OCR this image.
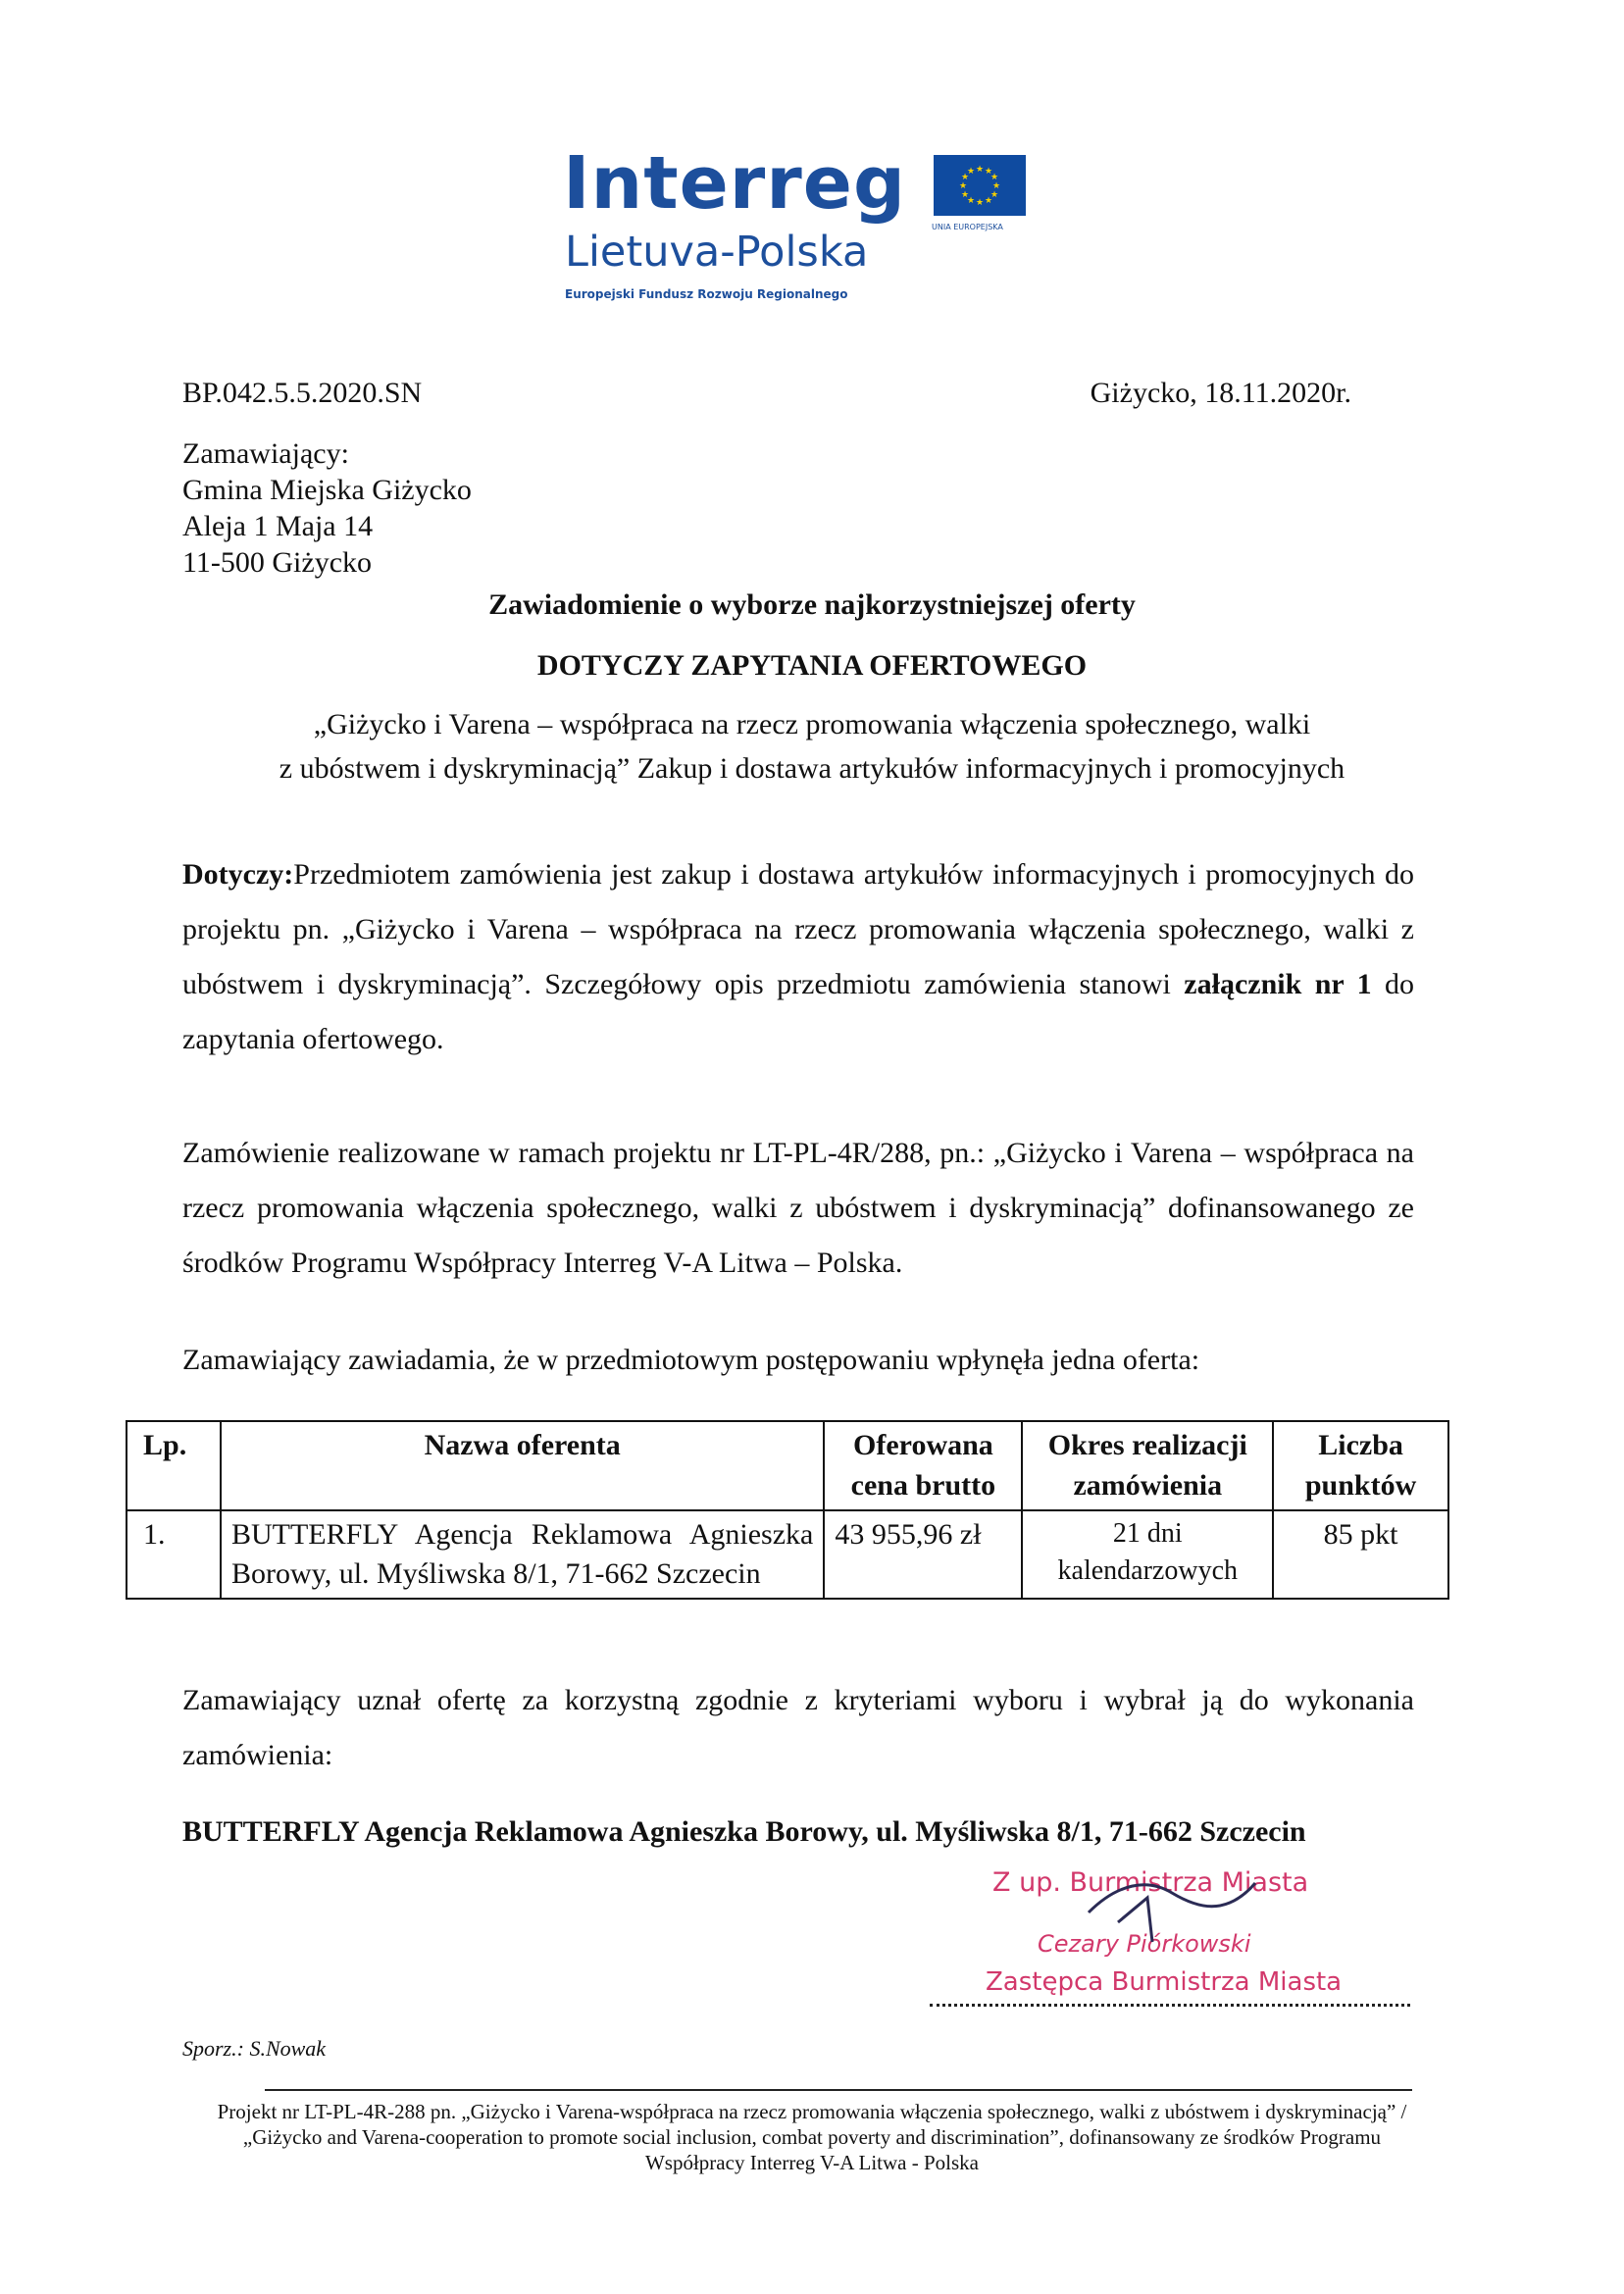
Interreg
Lietuva-Polska
Europejski Fundusz Rozwoju Regionalnego
★ ★
★
★
★
★
★
★
★
★
★
★
UNIA EUROPEJSKA
BP.042.5.5.2020.SN	Giżycko, 18.11.2020r.
Zamawiający:
Gmina Miejska Giżycko
Aleja 1 Maja 14
11-500 Giżycko
Zawiadomienie o wyborze najkorzystniejszej oferty
DOTYCZY ZAPYTANIA OFERTOWEGO
„Giżycko i Varena – współpraca na rzecz promowania włączenia społecznego, walki
z ubóstwem i dyskryminacją” Zakup i dostawa artykułów informacyjnych i promocyjnych
Dotyczy:Przedmiotem zamówienia jest zakup i dostawa artykułów informacyjnych i promocyjnych do projektu pn. „Giżycko i Varena – współpraca na rzecz promowania włączenia społecznego, walki z ubóstwem i dyskryminacją”. Szczegółowy opis przedmiotu zamówienia stanowi załącznik nr 1 do zapytania ofertowego.
Zamówienie realizowane w ramach projektu nr LT-PL-4R/288, pn.: „Giżycko i Varena – współpraca na rzecz promowania włączenia społecznego, walki z ubóstwem i dyskryminacją” dofinansowanego ze środków Programu Współpracy Interreg V-A Litwa – Polska.
Zamawiający zawiadamia, że w przedmiotowym postępowaniu wpłynęła jedna oferta:
Lp.	Nazwa oferenta	Oferowana cena brutto	Okres realizacji zamówienia	Liczba punktów
1.	BUTTERFLY Agencja Reklamowa Agnieszka Borowy, ul. Myśliwska 8/1, 71-662 Szczecin	43 955,96 zł	21 dni kalendarzowych	85 pkt
Zamawiający uznał ofertę za korzystną zgodnie z kryteriami wyboru i wybrał ją do wykonania zamówienia:
BUTTERFLY Agencja Reklamowa Agnieszka Borowy, ul. Myśliwska 8/1, 71-662 Szczecin
Z up. Burmistrza Miasta
Cezary Piórkowski
Zastępca Burmistrza Miasta
Sporz.: S.Nowak
Projekt nr LT-PL-4R-288 pn. „Giżycko i Varena-współpraca na rzecz promowania włączenia społecznego, walki z ubóstwem i dyskryminacją” / „Giżycko and Varena-cooperation to promote social inclusion, combat poverty and discrimination”, dofinansowany ze środków Programu Współpracy Interreg V-A Litwa - Polska
